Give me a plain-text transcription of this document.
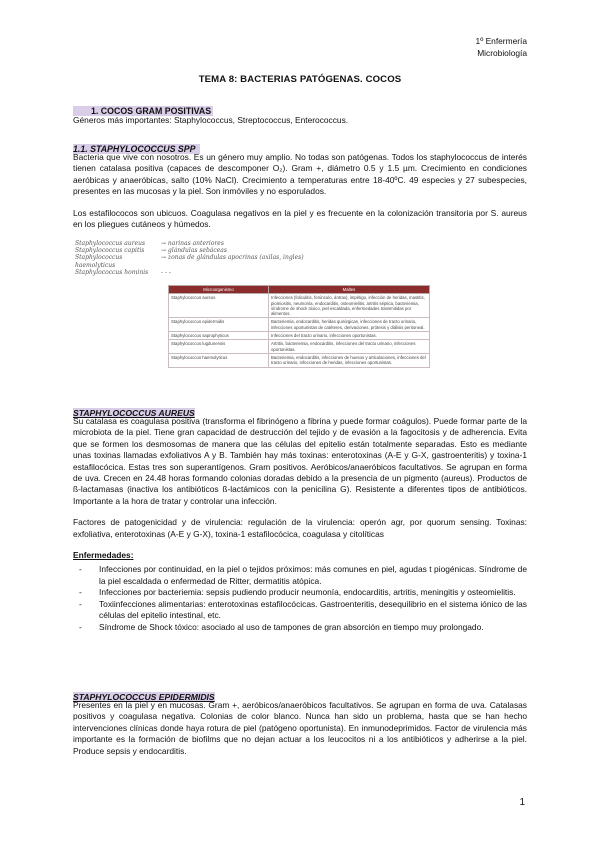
1º Enfermería
Microbiología
TEMA 8: BACTERIAS PATÓGENAS. COCOS
1. COCOS GRAM POSITIVAS
Géneros más importantes: Staphylococcus, Streptococcus, Enterococcus.
1.1. STAPHYLOCOCCUS SPP

Bacteria que vive con nosotros. Es un género muy amplio. No todas son patógenas. Todos los staphylococcus de interés tienen catalasa positiva (capaces de descomponer O₂). Gram +, diámetro 0.5 y 1.5 µm. Crecimiento en condiciones aeróbicas y anaeróbicas, salto (10% NaCl). Crecimiento a temperaturas entre 18-40ºC. 49 especies y 27 subespecies, presentes en las mucosas y la piel. Son inmóviles y no esporulados.

Los estafilococos son ubicuos. Coagulasa negativos en la piel y es frecuente en la colonización transitoria por S. aureus en los pliegues cutáneos y húmedos.

Staphylococcus aureus	→ narinas anteriores
Staphylococcus capitis	→ glándulas sebáceas
Staphylococcus haemolyticus
→ zonas de glándulas apocrinas (axilas, ingles)
Staphylococcus hominis	- - -
Microorganismo	Maltes
Staphylococcus aureus	Infecciones (foliculitis, forúnculo, ántrax), impétigo, infección de heridas, mastitis, piomiositis, neumonía, endocarditis, osteomielitis, artritis séptica, bacteriemia, síndrome de shock tóxico, piel escaldada, enfermedades transmitidas por alimentos.
Staphylococcus epidermidis	Bacteriemia, endocarditis, heridas quirúrgicas, infecciones de tracto urinario, infecciones oportunistas de catéteres, derivaciones, prótesis y diálisis peritoneal.
Staphylococcus saprophyticus	Infecciones del tracto urinario, infecciones oportunistas.
Staphylococcus lugdunensis	Artritis, bacteriemia, endocarditis, infecciones del tracto urinario, infecciones oportunistas.
Staphylococcus haemolyticus	Bacteriemia, endocarditis, infecciones de huesos y articulaciones, infecciones del tracto urinario, infecciones de heridas, infecciones oportunistas.
STAPHYLOCOCCUS AUREUS

Su catalasa es coagulasa positiva (transforma el fibrinógeno a fibrina y puede formar coágulos). Puede formar parte de la microbiota de la piel. Tiene gran capacidad de destrucción del tejido y de evasión a la fagocitosis y de adherencia. Evita que se formen los desmosomas de manera que las células del epitelio están totalmente separadas. Esto es mediante unas toxinas llamadas exfoliativos A y B. También hay más toxinas: enterotoxinas (A-E y G-X, gastroenteritis) y toxina-1 estafilocócica. Estas tres son superantígenos. Gram positivos. Aeróbicos/anaeróbicos facultativos. Se agrupan en forma de uva. Crecen en 24.48 horas formando colonias doradas debido a la presencia de un pigmento (aureus). Productos de ß-lactamasas (inactiva los antibióticos ß-lactámicos con la penicilina G). Resistente a diferentes tipos de antibióticos. Importante a la hora de tratar y controlar una infección.

Factores de patogenicidad y de virulencia: regulación de la virulencia: operón agr, por quorum sensing. Toxinas: exfoliativa, enterotoxinas (A-E y G-X), toxina-1 estafilocócica, coagulasa y citolíticas

Enfermedades:

- Infecciones por continuidad, en la piel o tejidos próximos: más comunes en piel, agudas t piogénicas. Síndrome de la piel escaldada o enfermedad de Ritter, dermatitis atópica.
- Infecciones por bacteriemia: sepsis pudiendo producir neumonía, endocarditis, artritis, meningitis y osteomielitis.
- Toxiinfecciones alimentarias: enterotoxinas estafilocócicas. Gastroenteritis, desequilibrio en el sistema iónico de las células del epitelio intestinal, etc.
- Síndrome de Shock tóxico: asociado al uso de tampones de gran absorción en tiempo muy prolongado.
STAPHYLOCOCCUS EPIDERMIDIS
Presentes en la piel y en mucosas. Gram +, aeróbicos/anaeróbicos facultativos. Se agrupan en forma de uva. Catalasas positivos y coagulasa negativa. Colonias de color blanco. Nunca han sido un problema, hasta que se han hecho intervenciones clínicas donde haya rotura de piel (patógeno oportunista). En inmunodeprimidos. Factor de virulencia más importante es la formación de biofilms que no dejan actuar a los leucocitos ni a los antibióticos y adherirse a la piel. Produce sepsis y endocarditis.
1
